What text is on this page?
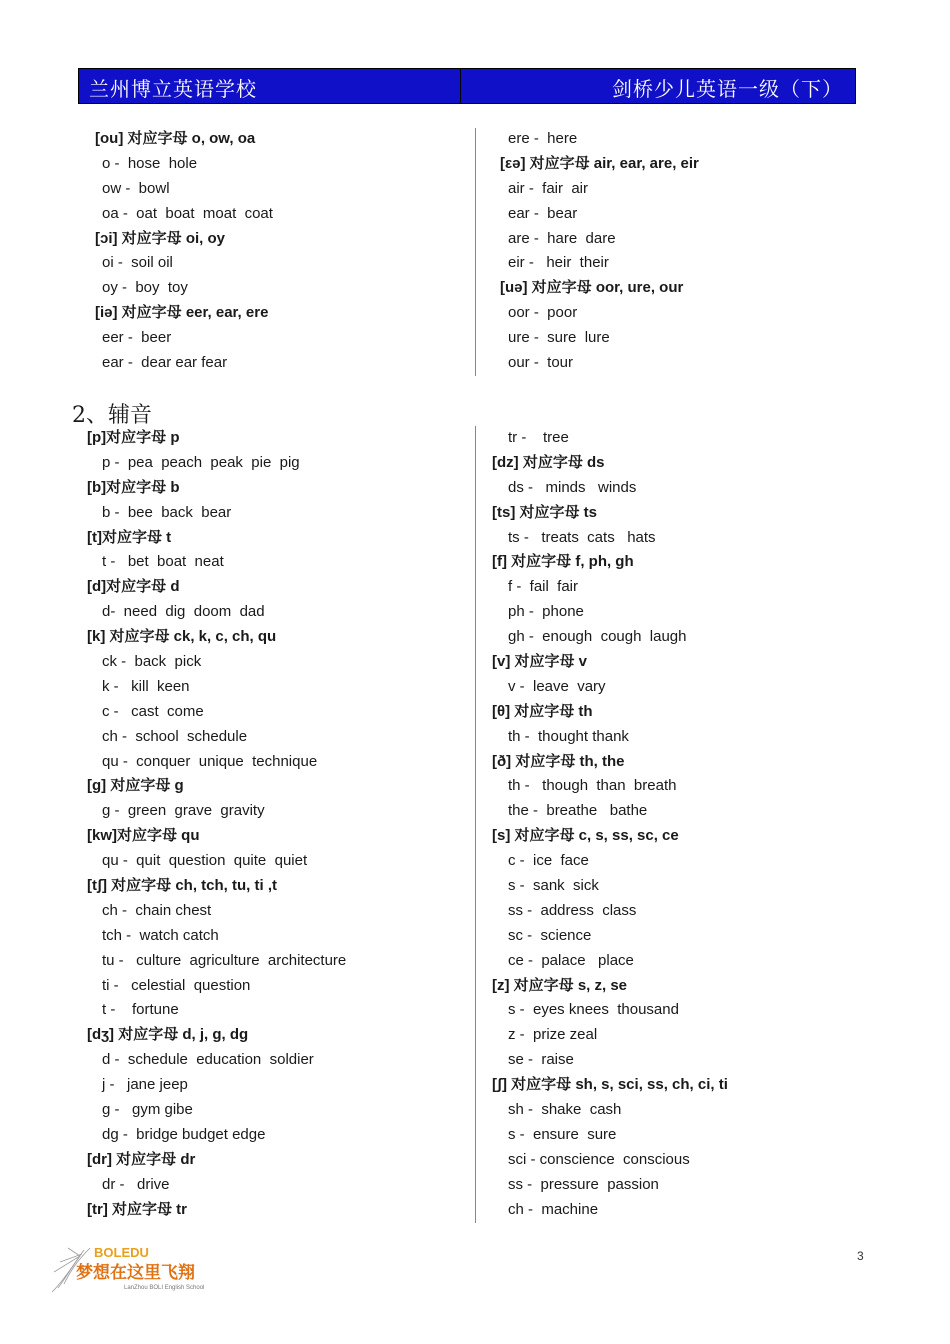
兰州博立英语学校	剑桥少儿英语一级（下）
[ou] 对应字母 o, ow, oa
o -  hose  hole
ow -  bowl
oa -  oat  boat  moat  coat
[ɔi] 对应字母 oi, oy
oi -  soil oil
oy -  boy  toy
[iə] 对应字母 eer, ear, ere
eer -  beer
ear -  dear ear fear
ere -  here
[εə] 对应字母 air, ear, are, eir
air -  fair  air
ear -  bear
are -  hare  dare
eir -   heir  their
[uə] 对应字母 oor, ure, our
oor -  poor
ure -  sure  lure
our -  tour
2、辅音
[p]对应字母 p
p -  pea  peach  peak  pie  pig
[b]对应字母 b
b -  bee  back  bear
[t]对应字母 t
t -   bet  boat  neat
[d]对应字母 d
d-  need  dig  doom  dad
[k] 对应字母 ck, k, c, ch, qu
ck -  back  pick
k -   kill  keen
c -   cast  come
ch -  school  schedule
qu -  conquer  unique  technique
[g] 对应字母 g
g -  green  grave  gravity
[kw]对应字母 qu
qu -  quit  question  quite  quiet
[tʃ] 对应字母 ch, tch, tu, ti ,t
ch -  chain chest
tch -  watch catch
tu -   culture  agriculture  architecture
ti -   celestial  question
t -    fortune
[dʒ] 对应字母 d, j, g, dg
d -  schedule  education  soldier
j -   jane jeep
g -   gym gibe
dg -  bridge budget edge
[dr] 对应字母 dr
dr -   drive
[tr] 对应字母 tr
tr -    tree
[dz] 对应字母 ds
ds -   minds   winds
[ts] 对应字母 ts
ts -   treats  cats   hats
[f] 对应字母 f, ph, gh
f -  fail  fair
ph -  phone
gh -  enough  cough  laugh
[v] 对应字母 v
v -  leave  vary
[θ] 对应字母 th
th -  thought thank
[ð] 对应字母 th, the
th -   though  than  breath
the -  breathe   bathe
[s] 对应字母 c, s, ss, sc, ce
c -  ice  face
s -  sank  sick
ss -  address  class
sc -  science
ce -  palace   place
[z] 对应字母 s, z, se
s -  eyes knees  thousand
z -  prize zeal
se -  raise
[ʃ] 对应字母 sh, s, sci, ss, ch, ci, ti
sh -  shake  cash
s -  ensure  sure
sci - conscience  conscious
ss -  pressure  passion
ch -  machine
BOLEDU
梦想在这里飞翔
LanZhou BOLI English School
3
